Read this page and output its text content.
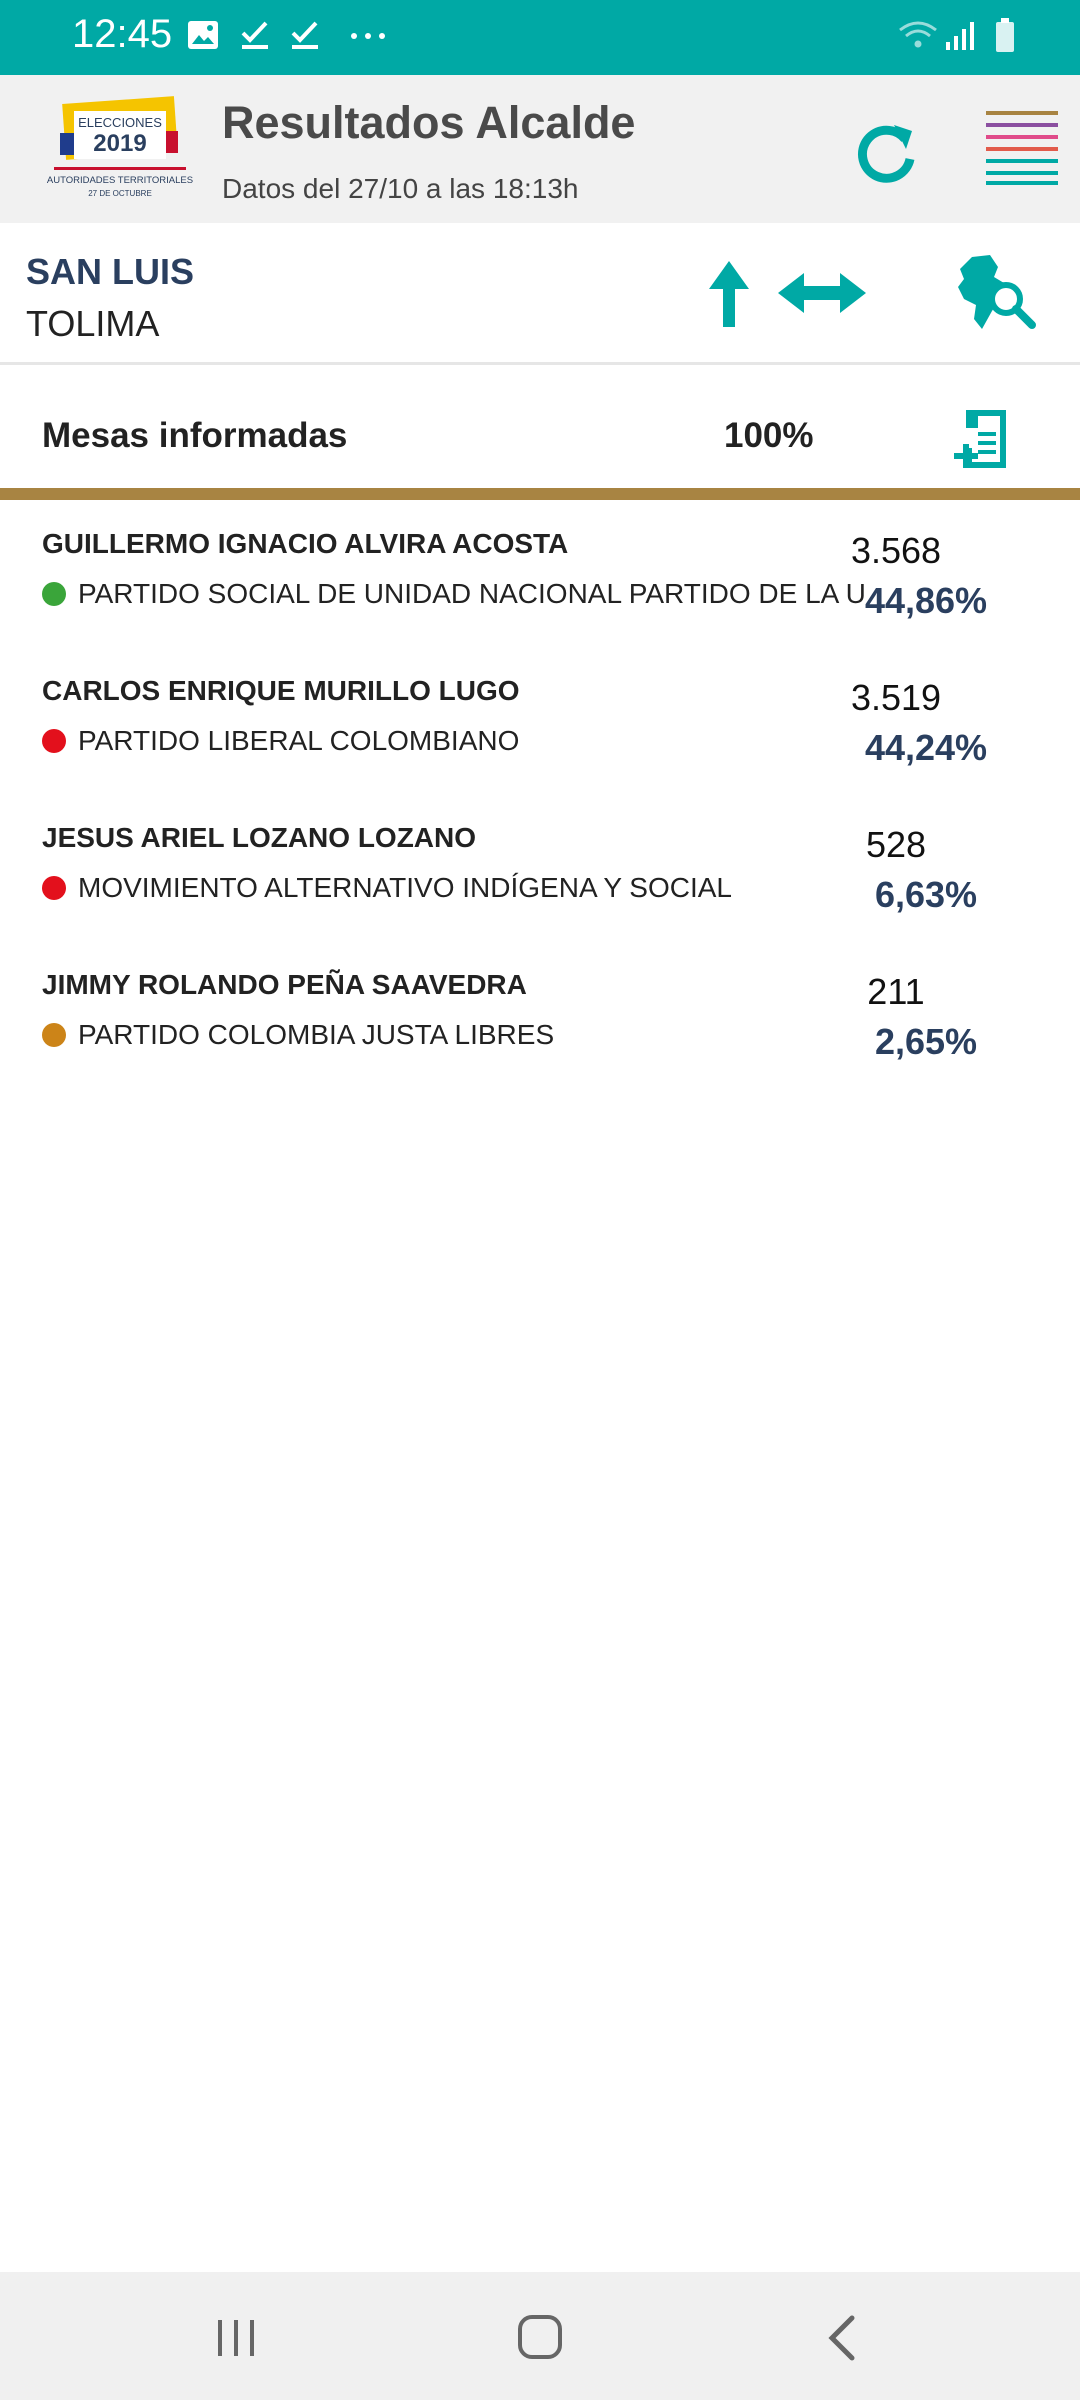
12:45
ELECCIONES
2019
AUTORIDADES TERRITORIALES
27 DE OCTUBRE
Resultados Alcalde
Datos del 27/10 a las 18:13h
SAN LUIS
TOLIMA
Mesas informadas	100%
GUILLERMO IGNACIO ALVIRA ACOSTA
PARTIDO SOCIAL DE UNIDAD NACIONAL PARTIDO DE LA U
3.568
44,86%
CARLOS ENRIQUE MURILLO LUGO
PARTIDO LIBERAL COLOMBIANO
3.519
44,24%
JESUS ARIEL LOZANO LOZANO
MOVIMIENTO ALTERNATIVO INDÍGENA Y SOCIAL
528
6,63%
JIMMY ROLANDO PEÑA SAAVEDRA
PARTIDO COLOMBIA JUSTA LIBRES
211
2,65%
